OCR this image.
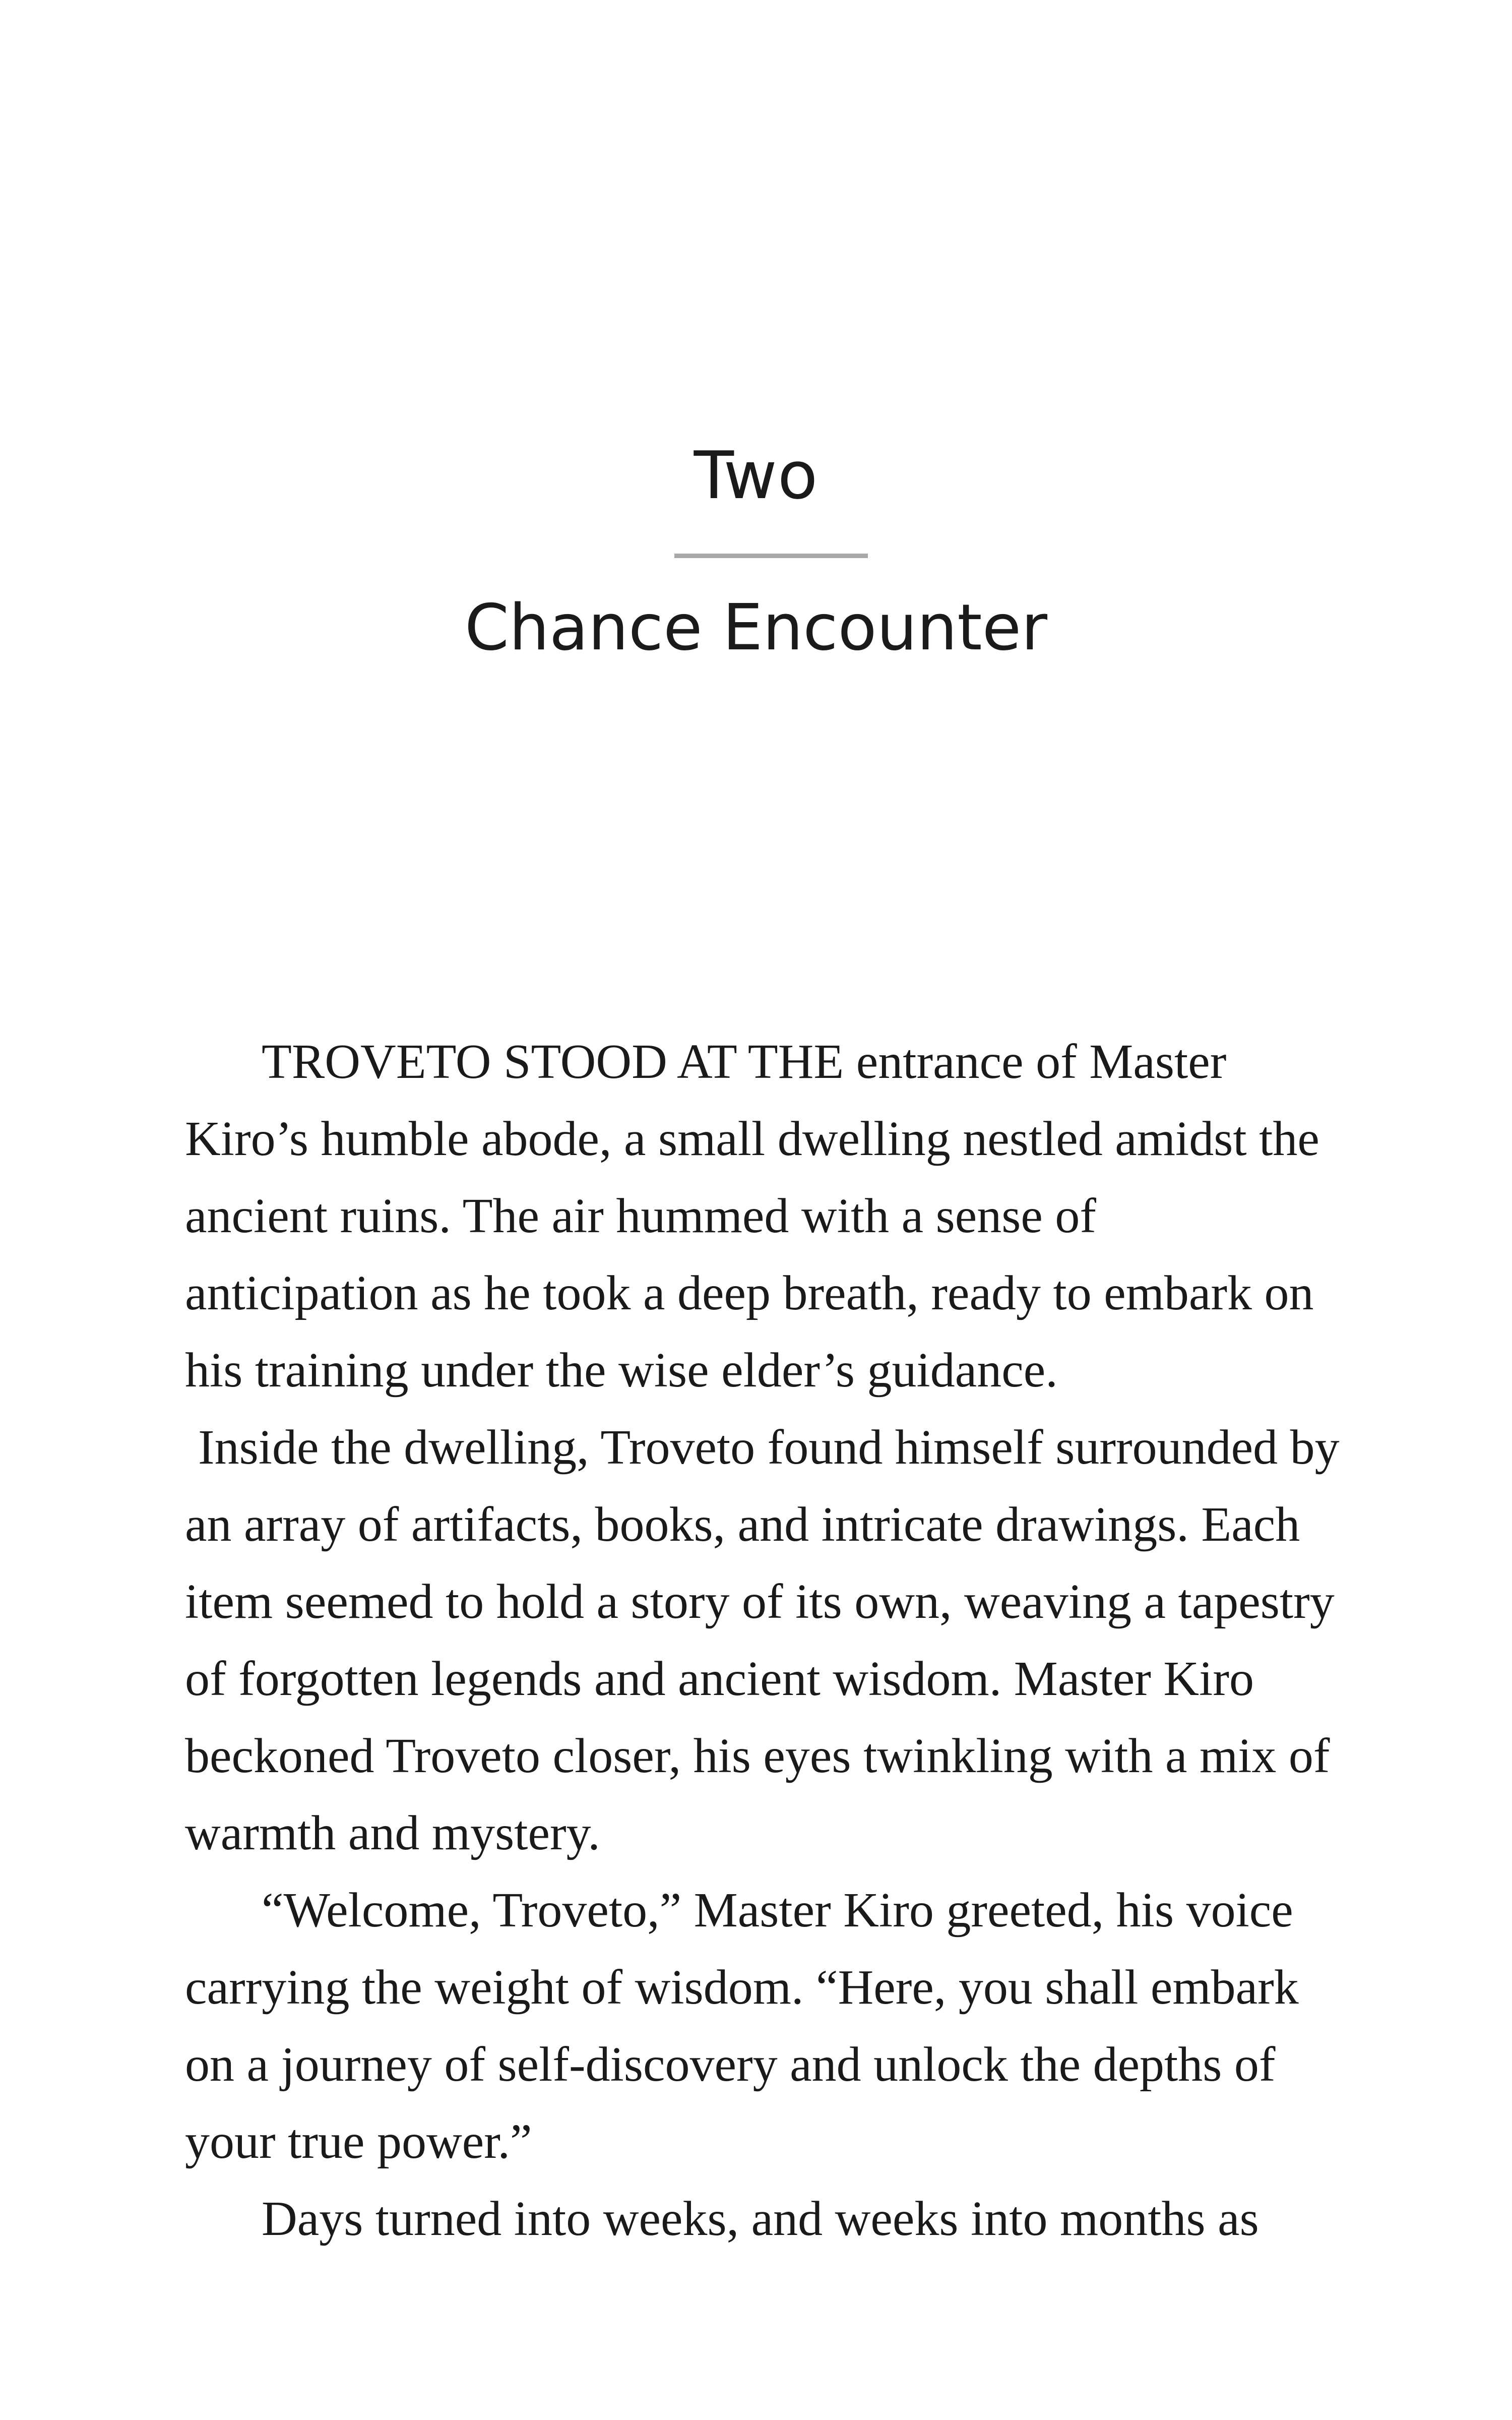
Two
Chance Encounter
TROVETO STOOD AT THE entrance of Master
Kiro’s humble abode, a small dwelling nestled amidst the
ancient ruins. The air hummed with a sense of
anticipation as he took a deep breath, ready to embark on
his training under the wise elder’s guidance.
Inside the dwelling, Troveto found himself surrounded by
an array of artifacts, books, and intricate drawings. Each
item seemed to hold a story of its own, weaving a tapestry
of forgotten legends and ancient wisdom. Master Kiro
beckoned Troveto closer, his eyes twinkling with a mix of
warmth and mystery.
“Welcome, Troveto,” Master Kiro greeted, his voice
carrying the weight of wisdom. “Here, you shall embark
on a journey of self-discovery and unlock the depths of
your true power.”
Days turned into weeks, and weeks into months as
